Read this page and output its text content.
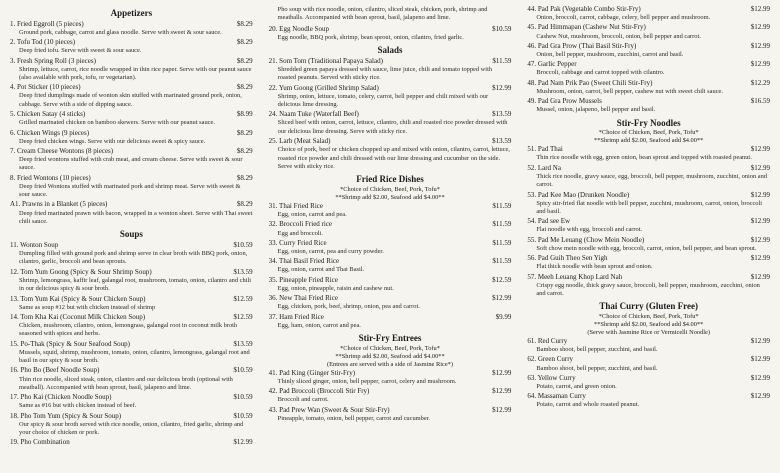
Appetizers
1. Fried Eggroll (5 pieces)	$8.29
Ground pork, cabbage, carrot and glass noodle. Serve with sweet & sour sauce.
2. Tofu Tod (10 pieces)	$8.29
Deep fried tofu. Serve with sweet & sour sauce.
3. Fresh Spring Roll (3 pieces)	$8.29
Shrimp, lettuce, carrot, rice noodle wrapped in thin rice paper. Serve with our peanut sauce (also available with pork, tofu, or vegetarian).
4. Pot Sticker (10 pieces)	$8.29
Deep fried dumplings made of wonton skin stuffed with marinated ground pork, onion, cabbage. Serve with a side of dipping sauce.
5. Chicken Satay (4 sticks)	$8.99
Grilled marinated chicken on bamboo skewers. Serve with our peanut sauce.
6. Chicken Wings (9 pieces)	$8.29
Deep fried chicken wings. Serve with our delicious sweet & spicy sauce.
7. Cream Cheese Wontons (8 pieces)	$8.29
Deep fried wontons stuffed with crab meat, and cream cheese. Serve with sweet & sour sauce.
8. Fried Wontons (10 pieces)	$8.29
Deep fried Wontons stuffed with marinated pork and shrimp meat. Serve with sweet & sour sauce.
A1. Prawns in a Blanket (5 pieces)	$8.29
Deep fried marinated prawn with bacon, wrapped in a wonton sheet. Serve with Thai sweet chili sauce.
Soups
11. Wonton Soup	$10.59
Dumpling filled with ground pork and shrimp serve in clear broth with BBQ pork, onion, cilantro, garlic, broccoli and bean sprouts.
12. Tom Yum Goong (Spicy & Sour Shrimp Soup)	$13.59
Shrimp, lemongrass, kaffir leaf, galangal root, mushroom, tomato, onion, cilantro and chili in our delicious spicy & sour broth.
13. Tom Yum Kai (Spicy & Sour Chicken Soup)	$12.59
Same as soup #12 but with chicken instead of shrimp
14. Tom Kha Kai (Coconut Milk Chicken Soup)	$12.59
Chicken, mushroom, cilantro, onion, lemongrass, galangal root in coconut milk broth seasoned with spices and herbs.
15. Po-Thak (Spicy & Sour Seafood Soup)	$13.59
Mussels, squid, shrimp, mushroom, tomato, onion, cilantro, lemongrass, galangal root and basil in our spicy & sour broth.
16. Pho Bo (Beef Noodle Soup)	$10.59
Thin rice noodle, sliced steak, onion, cilantro and our delicious broth (optional with meatball). Accompanied with bean sprout, basil, jalapeno and lime.
17. Pho Kai (Chicken Noodle Soup)	$10.59
Same as #16 but with chicken instead of beef.
18. Pho Tom Yum (Spicy & Sour Soup)	$10.59
Our spicy & sour broth served with rice noodle, onion, cilantro, fried garlic, shrimp and your choice of chicken or pork.
19. Pho Combination	$12.99
Pho soup with rice noodle, onion, cilantro, sliced steak, chicken, pork, shrimp and meatballs. Accompanied with bean sprout, basil, jalapeno and lime.
20. Egg Noodle Soup	$10.59
Egg noodle, BBQ pork, shrimp, bean sprout, onion, cilantro, fried garlic.
Salads
21. Som Tom (Traditional Papaya Salad)	$11.59
Shredded green papaya dressed with sauce, lime juice, chili and tomato topped with roasted peanuts. Served with sticky rice.
22. Yum Goong (Grilled Shrimp Salad)	$12.99
Shrimp, onion, lettuce, tomato, celery, carrot, bell pepper and chili mixed with our delicious lime dressing.
24. Naam Tuke (Waterfall Beef)	$13.59
Sliced beef with onion, carrot, lettuce, cilantro, chili and roasted rice powder dressed with our delicious lime dressing. Serve with sticky rice.
25. Larb (Meat Salad)	$13.59
Choice of pork, beef or chicken chopped up and mixed with onion, cilantro, carrot, lettuce, roasted rice powder and chili dressed with our lime dressing and cucumber on the side. Serve with sticky rice.
Fried Rice Dishes
*Choice of Chicken, Beef, Pork, Tofu*
**Shrimp add $2.00, Seafood add $4.00**
31. Thai Fried Rice	$11.59
Egg, onion, carrot and pea.
32. Broccoli Fried rice	$11.59
Egg and broccoli.
33. Curry Fried Rice	$11.59
Egg, onion, carrot, pea and curry powder.
34. Thai Basil Fried Rice	$11.59
Egg, onion, carrot and Thai Basil.
35. Pineapple Fried Rice	$12.59
Egg, onion, pineapple, raisin and cashew nut.
36. New Thai Fried Rice	$12.99
Egg, chicken, pork, beef, shrimp, onion, pea and carrot.
37. Ham Fried Rice	$9.99
Egg, ham, onion, carrot and pea.
Stir-Fry Entrees
*Choice of Chicken, Beef, Pork, Tofu*
**Shrimp add $2.00, Seafood add $4.00**
(Entrees are served with a side of Jasmine Rice*)
41. Pad King (Ginger Stir-Fry)	$12.99
Thinly sliced ginger, onion, bell pepper, carrot, celery and mushroom.
42. Pad Broccoli (Broccoli Stir Fry)	$12.99
Broccoli and carrot.
43. Pad Prew Wan (Sweet & Sour Stir-Fry)	$12.99
Pineapple, tomato, onion, bell pepper, carrot and cucumber.
44. Pad Pak (Vegetable Combo Stir-Fry)	$12.99
Onion, broccoli, carrot, cabbage, celery, bell pepper and mushroom.
45. Pad Himmapan (Cashew Nut Stir-Fry)	$12.99
Cashew Nut, mushroom, broccoli, onion, bell pepper and carrot.
46. Pad Gra Prow (Thai Basil Stir-Fry)	$12.99
Onion, bell pepper, mushroom, zucchini, carrot and basil.
47. Garlic Pepper	$12.99
Broccoli, cabbage and carrot topped with cilantro.
48. Pad Nam Prik Pao (Sweet Chili Stir-Fry)	$12.29
Mushroom, onion, carrot, bell pepper, cashew nut with sweet chili sauce.
49. Pad Gra Prow Mussels	$16.59
Mussel, onion, jalapeno, bell pepper and basil.
Stir-Fry Noodles
*Choice of Chicken, Beef, Pork, Tofu*
**Shrimp add $2.00, Seafood add $4.00**
51. Pad Thai	$12.99
Thin rice noodle with egg, green onion, bean sprout and topped with roasted peanut.
52. Lard Na	$12.99
Thick rice noodle, gravy sauce, egg, broccoli, bell pepper, mushroom, zucchini, onion and carrot.
53. Pad Kee Mao (Drunken Noodle)	$12.99
Spicy stir-fried flat noodle with bell pepper, zucchini, mushroom, carrot, onion, broccoli and basil.
54. Pad see Ew	$12.99
Flat noodle with egg, broccoli and carrot.
55. Pad Me Leuang (Chow Mein Noodle)	$12.99
Soft chow mein noodle with egg, broccoli, carrot, onion, bell pepper, and bean sprout.
56. Pad Guih Theo Sen Yigh	$12.99
Flat thick noodle with bean sprout and onion.
57. Meeh Leuang Khop Lard Nah	$12.99
Crispy egg noodle, thick gravy sauce, broccoli, bell pepper, mushroom, zucchini, onion and carrot.
Thai Curry (Gluten Free)
*Choice of Chicken, Beef, Pork, Tofu*
**Shrimp add $2.00, Seafood add $4.00**
(Serve with Jasmine Rice or Vermicelli Noodle)
61. Red Curry	$12.99
Bamboo shoot, bell pepper, zucchini, and basil.
62. Green Curry	$12.99
Bamboo shoot, bell pepper, zucchini, and basil.
63. Yellow Curry	$12.99
Potato, carrot, and green onion.
64. Massaman Curry	$12.99
Potato, carrot and whole roasted peanut.
